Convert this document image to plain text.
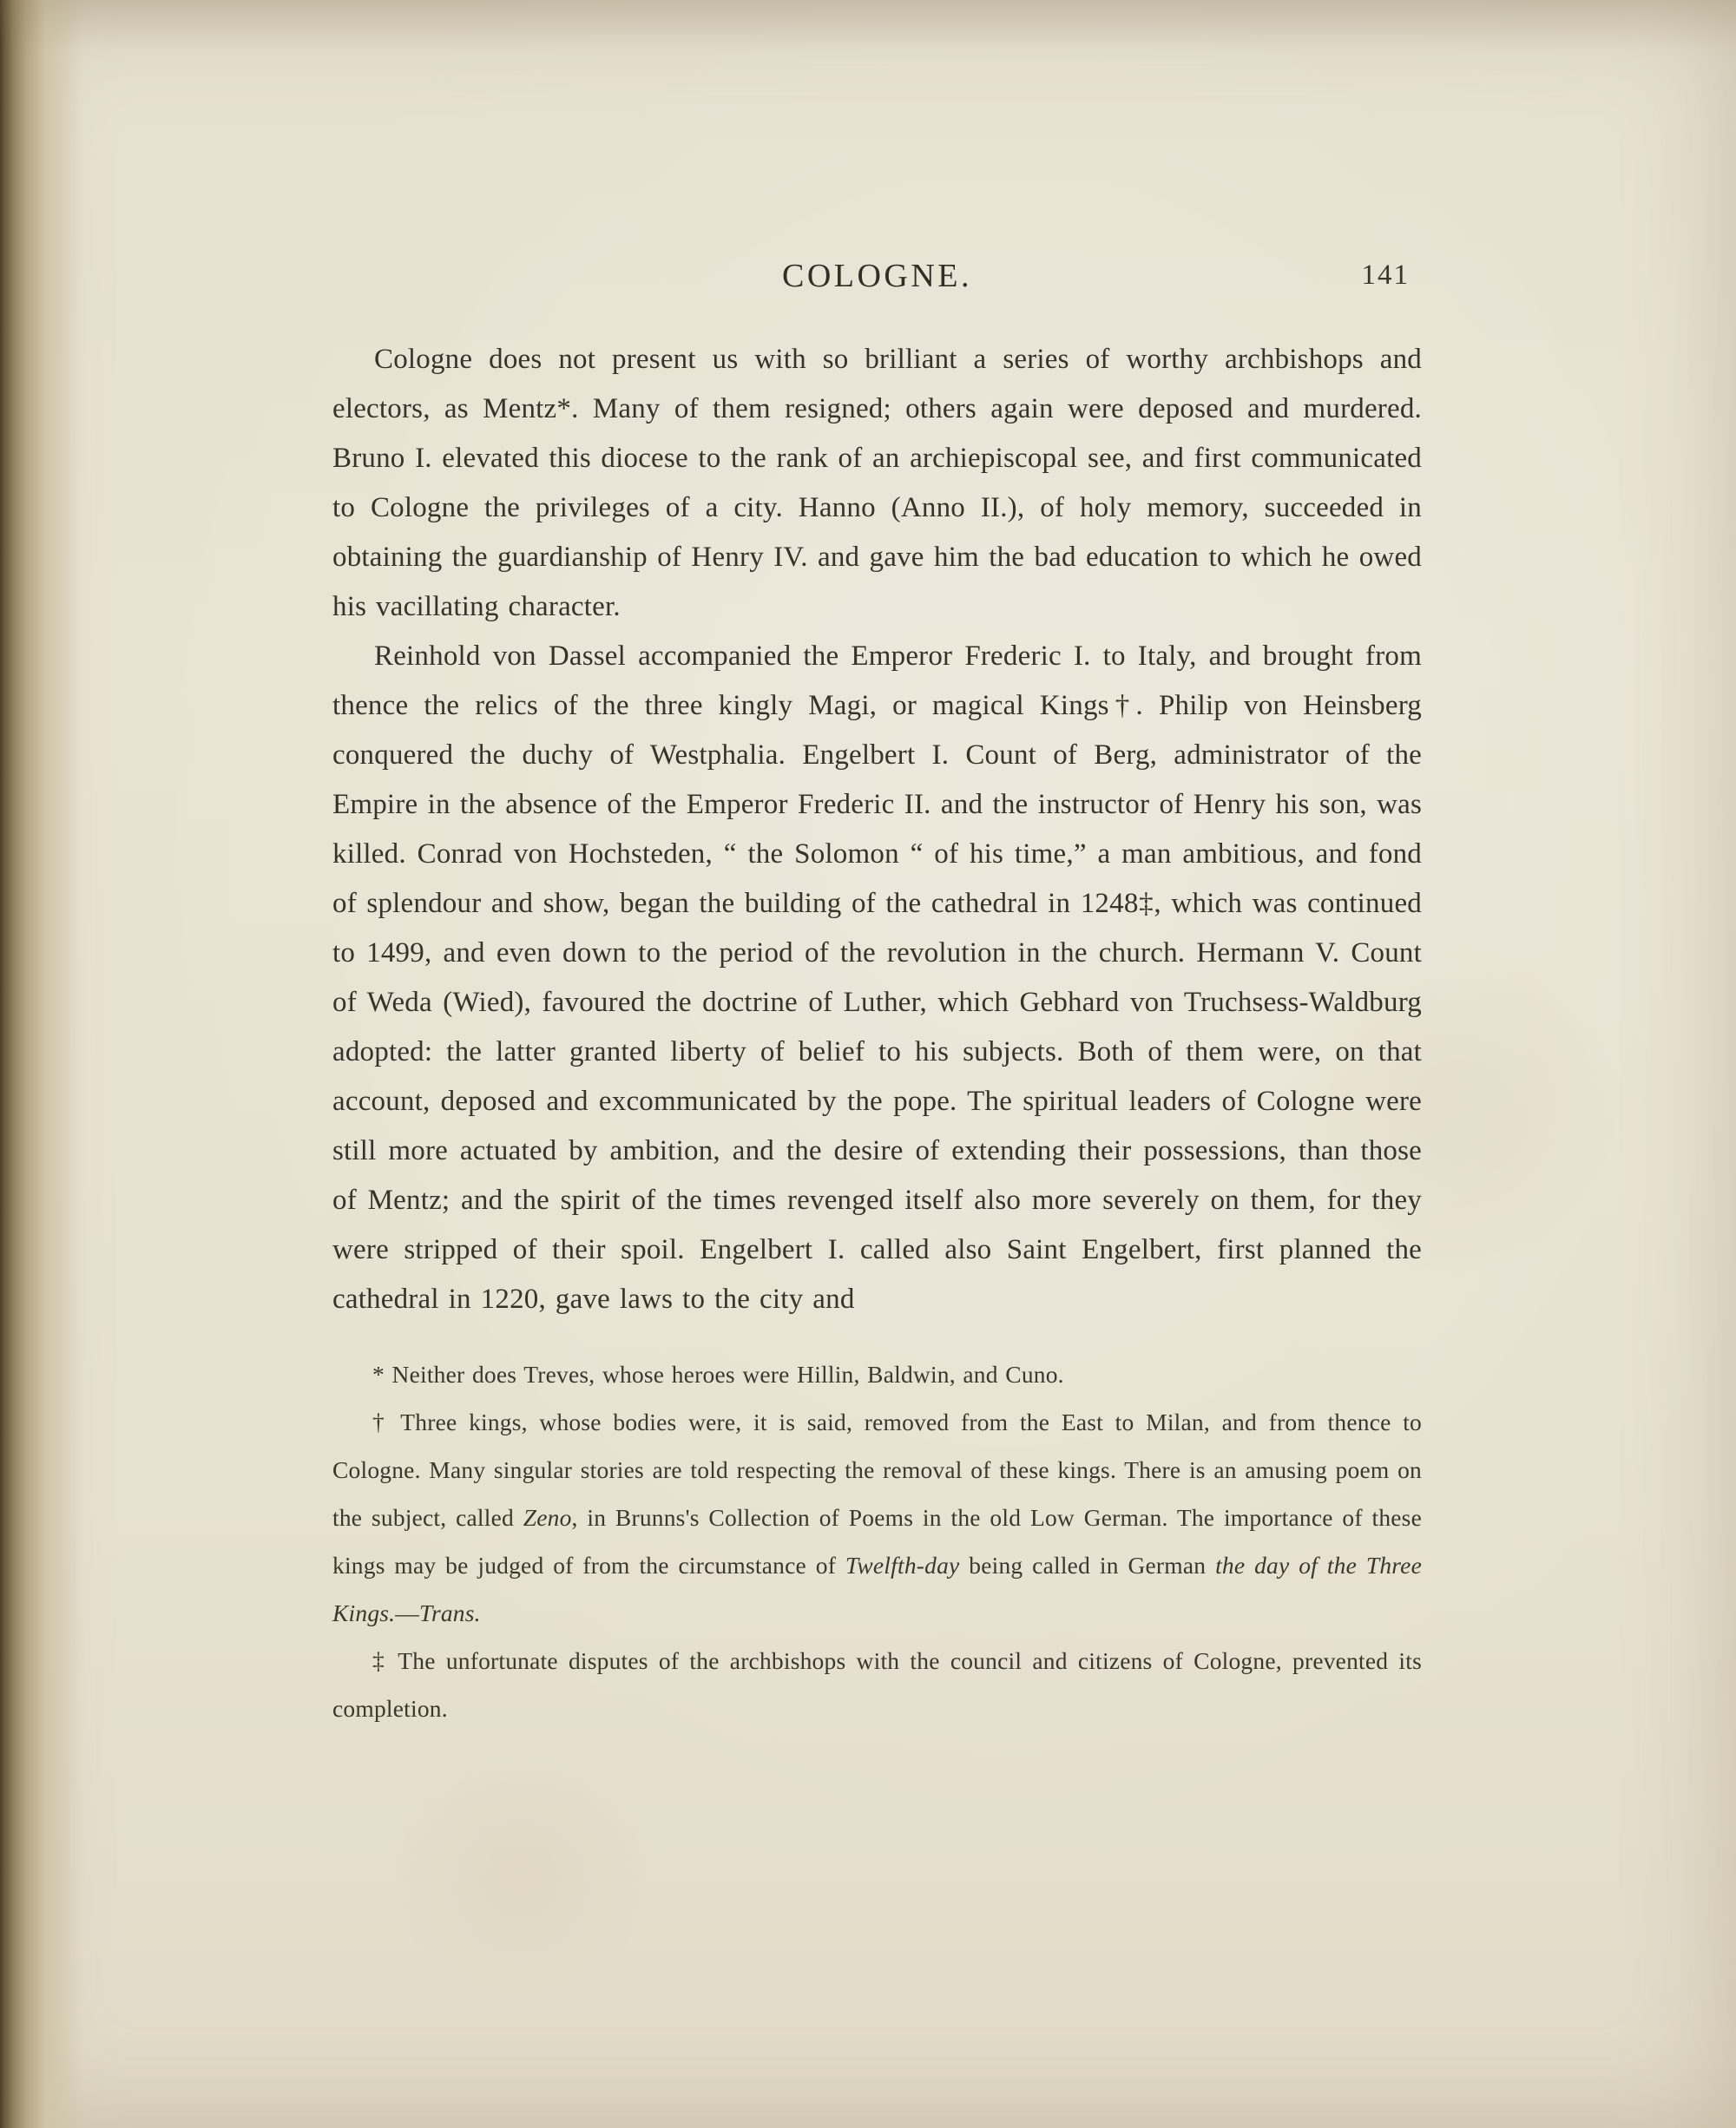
COLOGNE.	141

Cologne does not present us with so brilliant a series of worthy archbishops and electors, as Mentz*. Many of them resigned; others again were deposed and murdered. Bruno I. elevated this diocese to the rank of an archiepiscopal see, and first communicated to Cologne the privileges of a city. Hanno (Anno II.), of holy memory, succeeded in obtaining the guardianship of Henry IV. and gave him the bad education to which he owed his vacillating character.

Reinhold von Dassel accompanied the Emperor Frederic I. to Italy, and brought from thence the relics of the three kingly Magi, or magical Kings†. Philip von Heinsberg conquered the duchy of Westphalia. Engelbert I. Count of Berg, administrator of the Empire in the absence of the Emperor Frederic II. and the instructor of Henry his son, was killed. Conrad von Hochsteden, “ the Solomon “ of his time,” a man ambitious, and fond of splendour and show, began the building of the cathedral in 1248‡, which was continued to 1499, and even down to the period of the revolution in the church. Hermann V. Count of Weda (Wied), favoured the doctrine of Luther, which Gebhard von Truchsess-Waldburg adopted: the latter granted liberty of belief to his subjects. Both of them were, on that account, deposed and excommunicated by the pope. The spiritual leaders of Cologne were still more actuated by ambition, and the desire of extending their possessions, than those of Mentz; and the spirit of the times revenged itself also more severely on them, for they were stripped of their spoil. Engelbert I. called also Saint Engelbert, first planned the cathedral in 1220, gave laws to the city and

* Neither does Treves, whose heroes were Hillin, Baldwin, and Cuno.

† Three kings, whose bodies were, it is said, removed from the East to Milan, and from thence to Cologne. Many singular stories are told respecting the removal of these kings. There is an amusing poem on the subject, called Zeno, in Brunns's Collection of Poems in the old Low German. The importance of these kings may be judged of from the circumstance of Twelfth-day being called in German the day of the Three Kings.—Trans.

‡ The unfortunate disputes of the archbishops with the council and citizens of Cologne, prevented its completion.
